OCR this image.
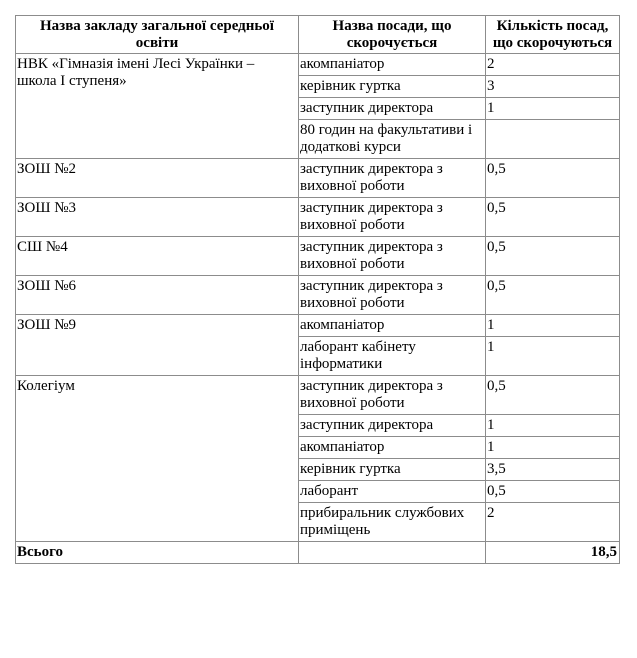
Назва закладу загальної середньої освіти	Назва посади, що скорочується	Кількість посад, що скорочуються
НВК «Гімназія імені Лесі Українки – школа І ступеня»	акомпаніатор	2
	керівник гуртка	3
	заступник директора	1
	80 годин на факультативи і додаткові курси	
ЗОШ №2	заступник директора з виховної роботи	0,5
ЗОШ №3	заступник директора з виховної роботи	0,5
СШ №4	заступник директора з виховної роботи	0,5
ЗОШ №6	заступник директора з виховної роботи	0,5
ЗОШ №9	акомпаніатор	1
	лаборант кабінету інформатики	1
Колегіум	заступник директора з виховної роботи	0,5
	заступник директора	1
	акомпаніатор	1
	керівник гуртка	3,5
	лаборант	0,5
	прибиральник службових приміщень	2
Всього		18,5
